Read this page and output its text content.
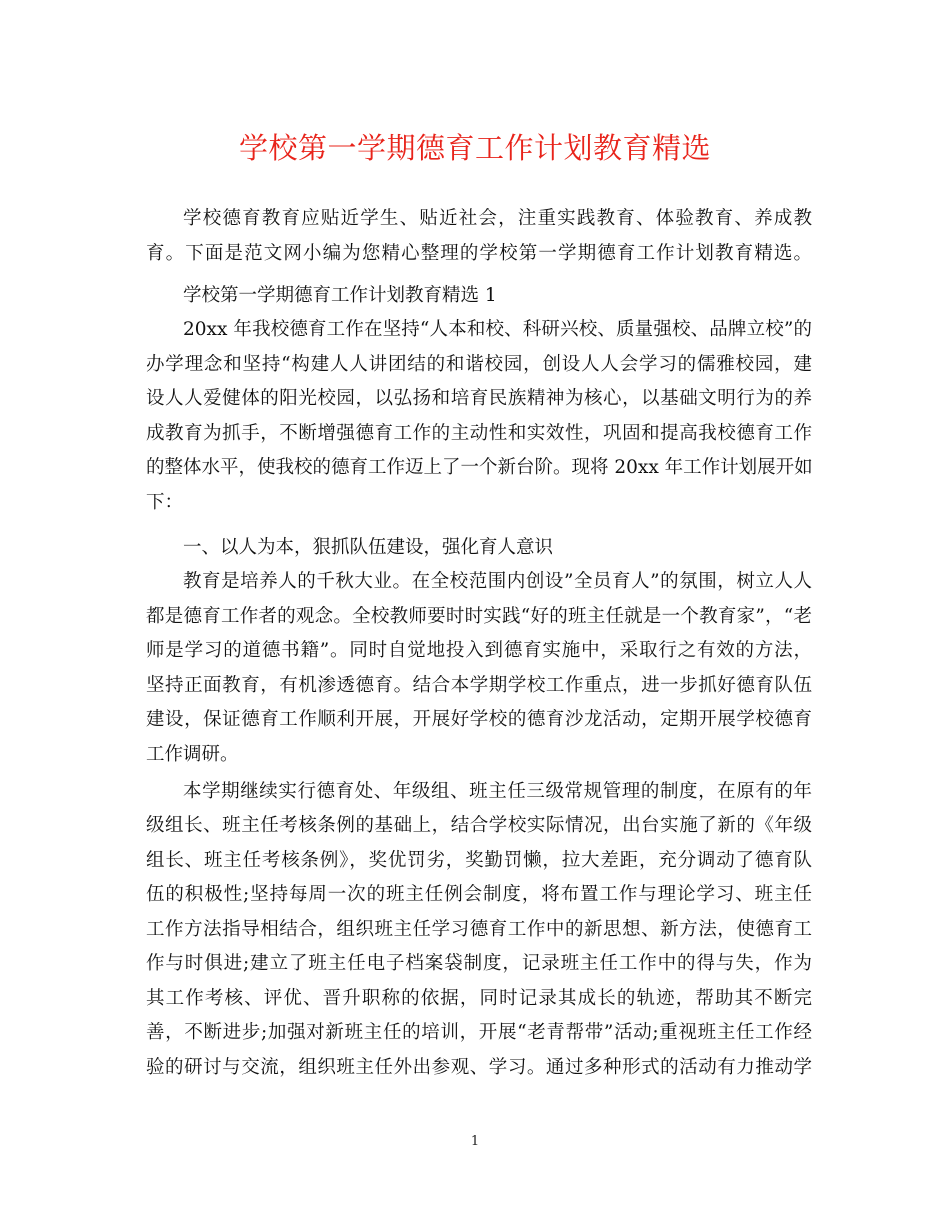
学校第一学期德育工作计划教育精选
学校德育教育应贴近学生、贴近社会，注重实践教育、体验教育、养成教
育。下面是范文网小编为您精心整理的学校第一学期德育工作计划教育精选。
学校第一学期德育工作计划教育精选 1
20xx 年我校德育工作在坚持“人本和校、科研兴校、质量强校、品牌立校”的
办学理念和坚持“构建人人讲团结的和谐校园，创设人人会学习的儒雅校园，建
设人人爱健体的阳光校园，以弘扬和培育民族精神为核心，以基础文明行为的养
成教育为抓手，不断增强德育工作的主动性和实效性，巩固和提高我校德育工作
的整体水平，使我校的德育工作迈上了一个新台阶。现将 20xx 年工作计划展开如
下：
一、以人为本，狠抓队伍建设，强化育人意识
教育是培养人的千秋大业。在全校范围内创设”全员育人”的氛围，树立人人
都是德育工作者的观念。全校教师要时时实践“好的班主任就是一个教育家”，“老
师是学习的道德书籍”。同时自觉地投入到德育实施中，采取行之有效的方法，
坚持正面教育，有机渗透德育。结合本学期学校工作重点，进一步抓好德育队伍
建设，保证德育工作顺利开展，开展好学校的德育沙龙活动，定期开展学校德育
工作调研。
本学期继续实行德育处、年级组、班主任三级常规管理的制度，在原有的年
级组长、班主任考核条例的基础上，结合学校实际情况，出台实施了新的《年级
组长、班主任考核条例》，奖优罚劣，奖勤罚懒，拉大差距，充分调动了德育队
伍的积极性;坚持每周一次的班主任例会制度，将布置工作与理论学习、班主任
工作方法指导相结合，组织班主任学习德育工作中的新思想、新方法，使德育工
作与时俱进;建立了班主任电子档案袋制度，记录班主任工作中的得与失，作为
其工作考核、评优、晋升职称的依据，同时记录其成长的轨迹，帮助其不断完
善，不断进步;加强对新班主任的培训，开展“老青帮带”活动;重视班主任工作经
验的研讨与交流，组织班主任外出参观、学习。通过多种形式的活动有力推动学
1
